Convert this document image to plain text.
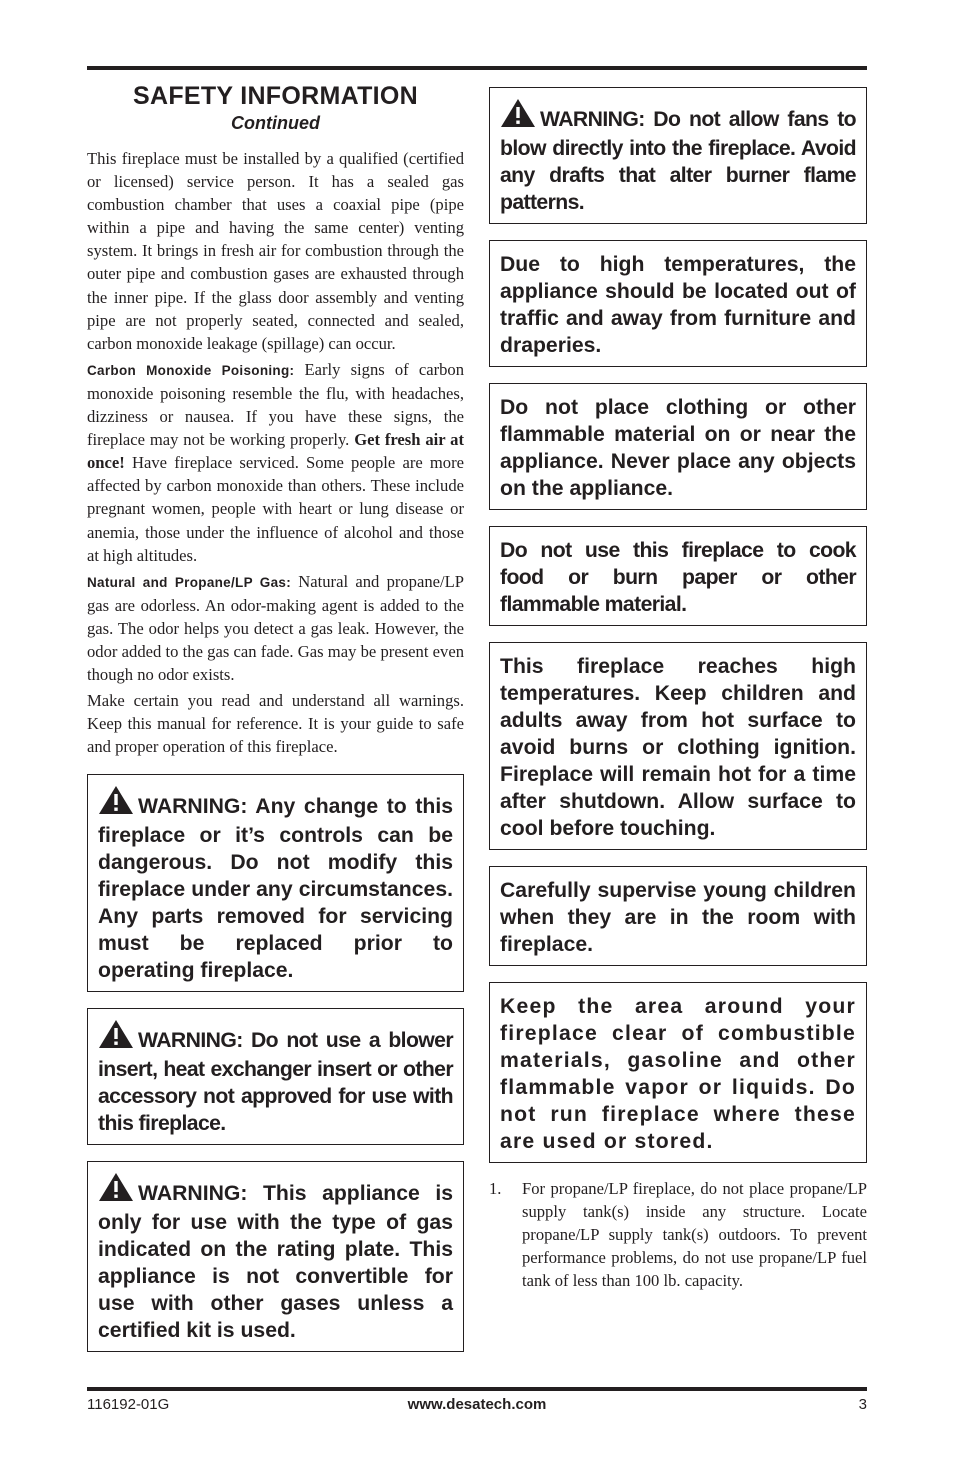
SAFETY INFORMATION
Continued

This fireplace must be installed by a qualified (certified or licensed) service person. It has a sealed gas combustion chamber that uses a coaxial pipe (pipe within a pipe and having the same center) venting system. It brings in fresh air for combustion through the outer pipe and combustion gases are exhausted through the inner pipe. If the glass door assembly and venting pipe are not properly seated, connected and sealed, carbon monoxide leakage (spillage) can occur.

Carbon Monoxide Poisoning: Early signs of carbon monoxide poisoning resemble the flu, with headaches, dizziness or nausea. If you have these signs, the fireplace may not be working properly. Get fresh air at once! Have fireplace serviced. Some people are more affected by carbon monoxide than others. These include pregnant women, people with heart or lung disease or anemia, those under the influence of alcohol and those at high altitudes.

Natural and Propane/LP Gas: Natural and propane/LP gas are odorless. An odor-making agent is added to the gas. The odor helps you detect a gas leak. However, the odor added to the gas can fade. Gas may be present even though no odor exists.

Make certain you read and understand all warnings. Keep this manual for reference. It is your guide to safe and proper operation of this fireplace.

WARNING: Any change to this fireplace or it’s controls can be dangerous. Do not modify this fireplace under any circumstances. Any parts removed for servicing must be replaced prior to operating fireplace.
WARNING: Do not use a blower insert, heat exchanger insert or other accessory not approved for use with this fireplace.
WARNING: This appliance is only for use with the type of gas indicated on the rating plate. This appliance is not convertible for use with other gases unless a certified kit is used.
WARNING: Do not allow fans to blow directly into the fireplace. Avoid any drafts that alter burner flame patterns.
Due to high temperatures, the appliance should be located out of traffic and away from furniture and draperies.
Do not place clothing or other flammable material on or near the appliance. Never place any objects on the appliance.
Do not use this fireplace to cook food or burn paper or other flammable material.
This fireplace reaches high temperatures. Keep children and adults away from hot surface to avoid burns or clothing ignition. Fireplace will remain hot for a time after shutdown. Allow surface to cool before touching.
Carefully supervise young children when they are in the room with fireplace.
Keep the area around your fireplace clear of combustible materials, gasoline and other flammable vapor or liquids. Do not run fireplace where these are used or stored.
1. For propane/LP fireplace, do not place propane/LP supply tank(s) inside any structure. Locate propane/LP supply tank(s) outdoors. To prevent performance problems, do not use propane/LP fuel tank of less than 100 lb. capacity.
116192-01G	www.desatech.com	3
